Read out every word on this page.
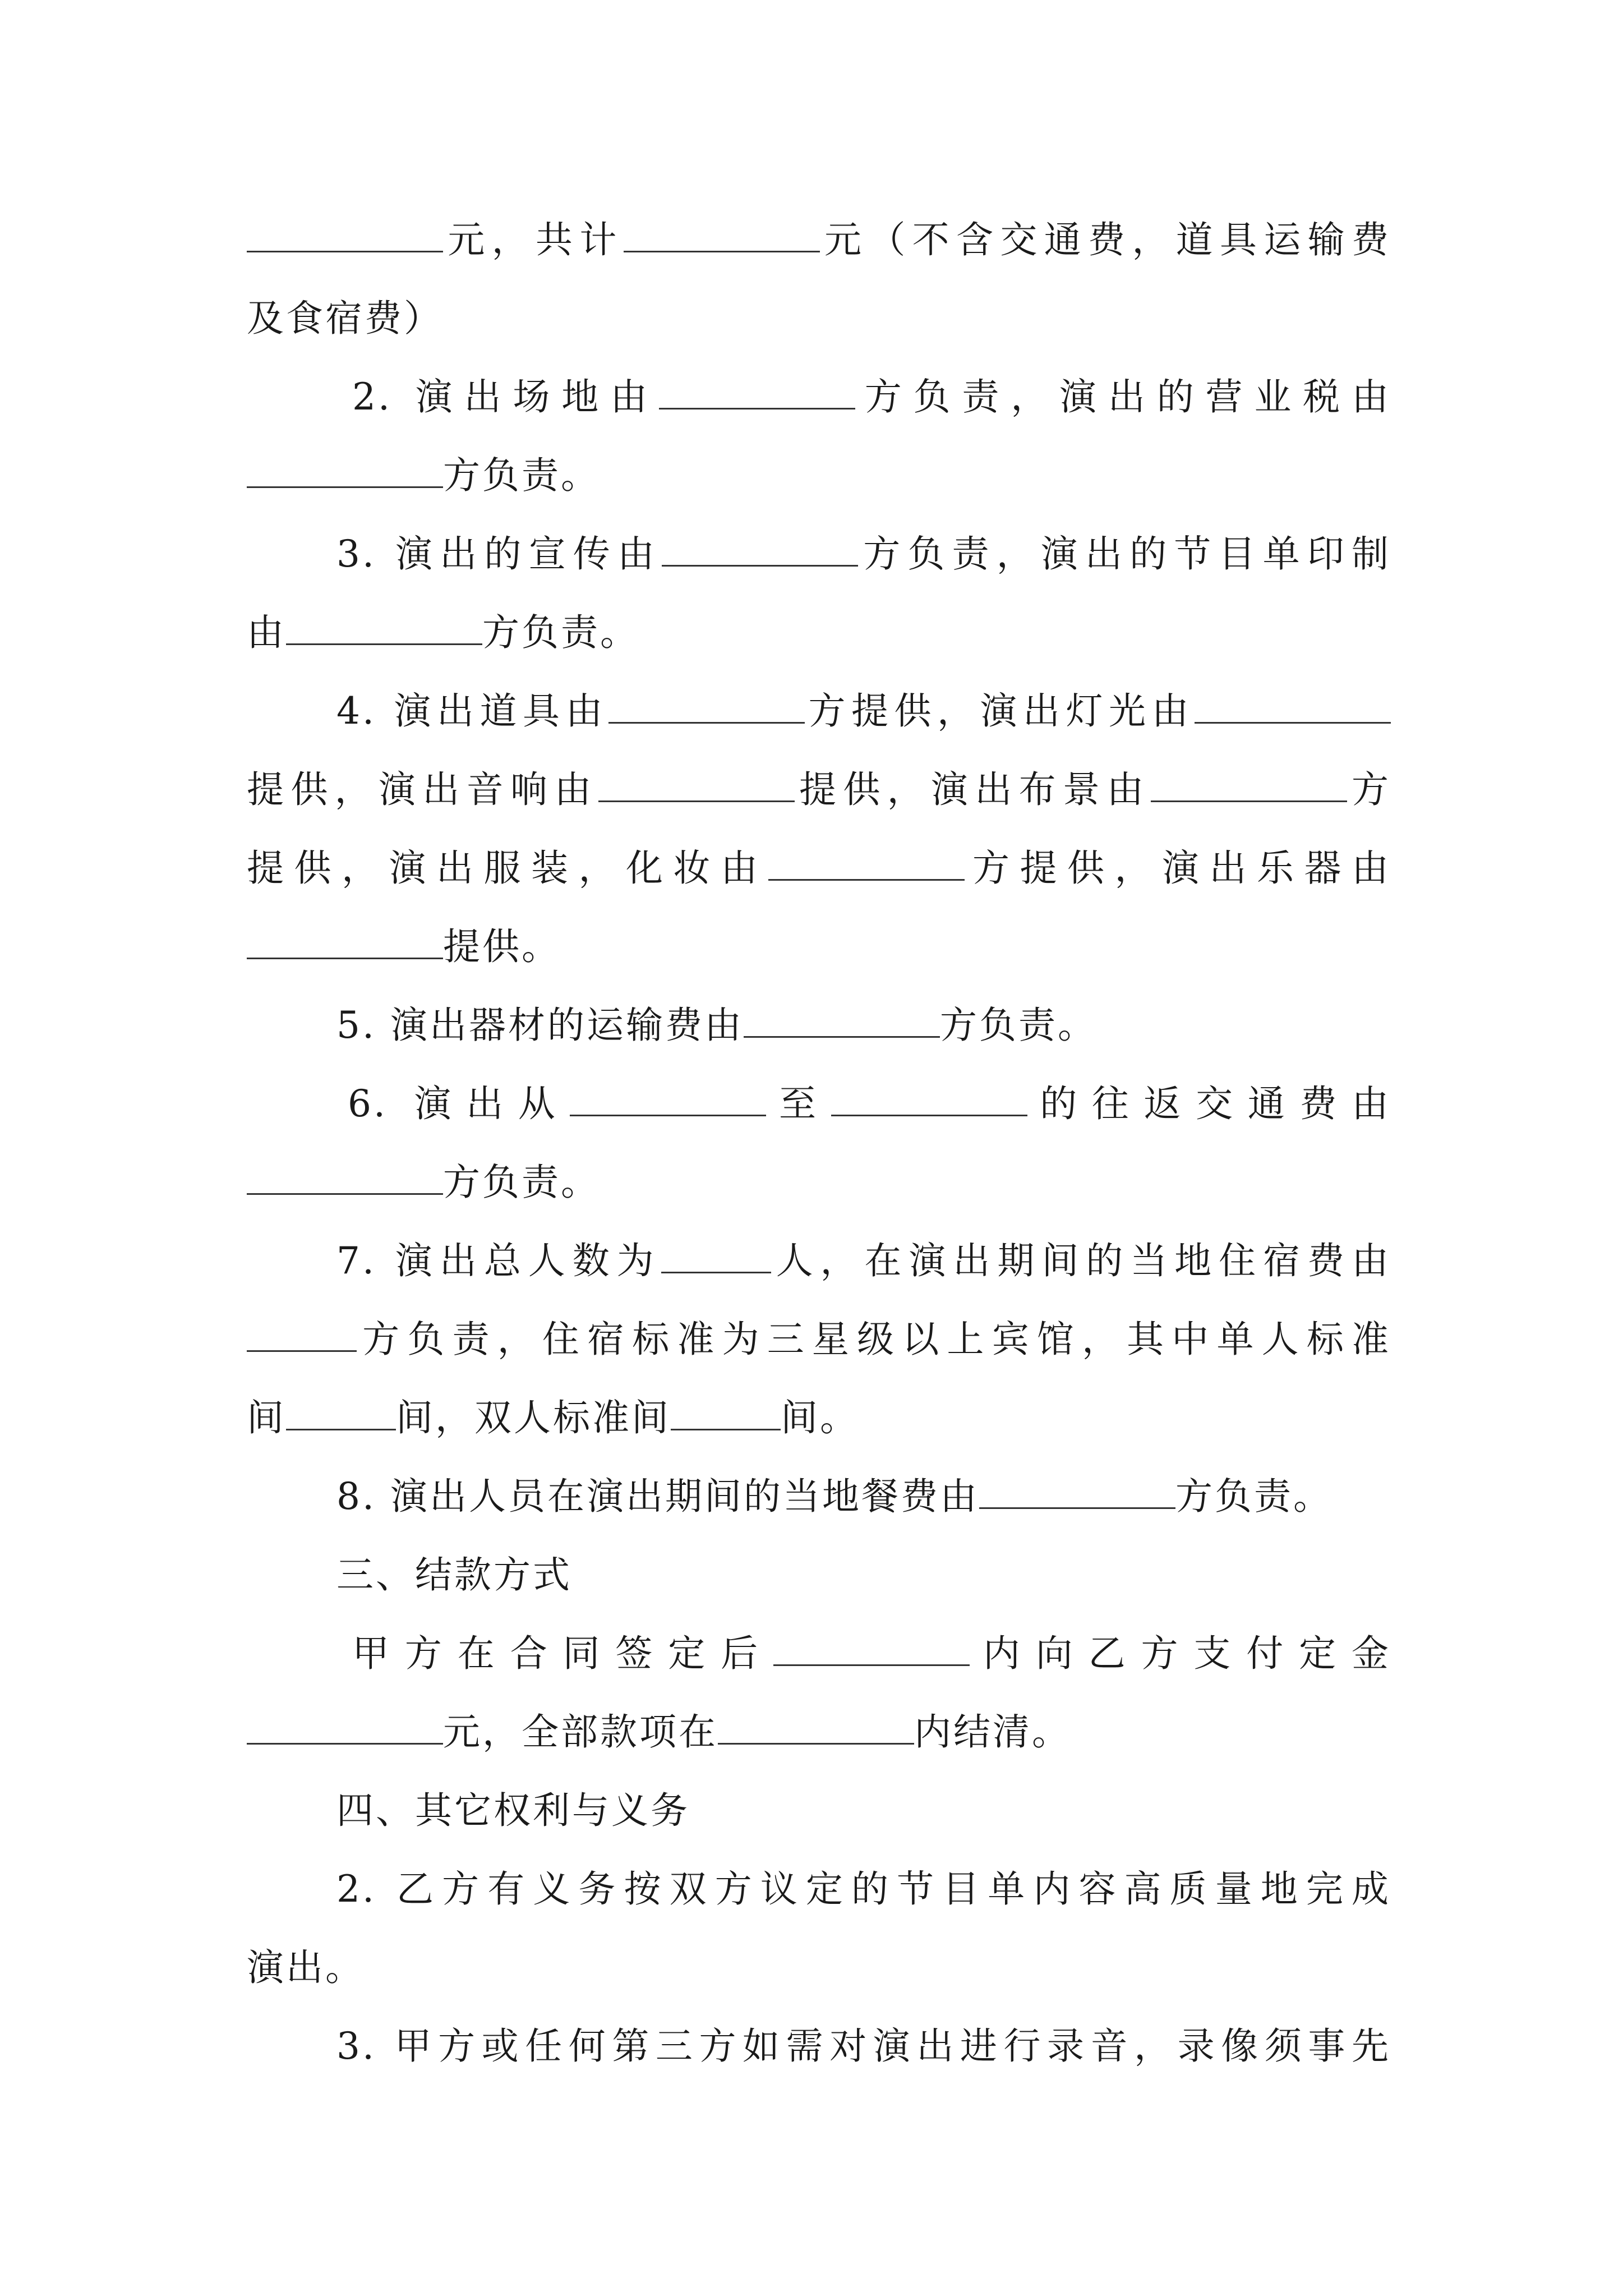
元，共计	元（不含交通费，道具运输费
及食宿费）
2. 演出场地由	方负责，演出的营业税由
方负责。
3. 演出的宣传由	方负责，演出的节目单印制
由	方负责。
4. 演出道具由	方提供，演出灯光由
提供，演出音响由	提供，演出布景由	方
提供，演出服装，化妆由	方提供，演出乐器由
提供。
5. 演出器材的运输费由	方负责。
6. 演出从	至	的往返交通费由
方负责。
7. 演出总人数为	人，在演出期间的当地住宿费由
方负责，住宿标准为三星级以上宾馆，其中单人标准
间	间，双人标准间	间。
8. 演出人员在演出期间的当地餐费由	方负责。
三、结款方式
甲方在合同签定后	内向乙方支付定金
元，全部款项在	内结清。
四、其它权利与义务
2. 乙方有义务按双方议定的节目单内容高质量地完成
演出。
3. 甲方或任何第三方如需对演出进行录音，录像须事先
